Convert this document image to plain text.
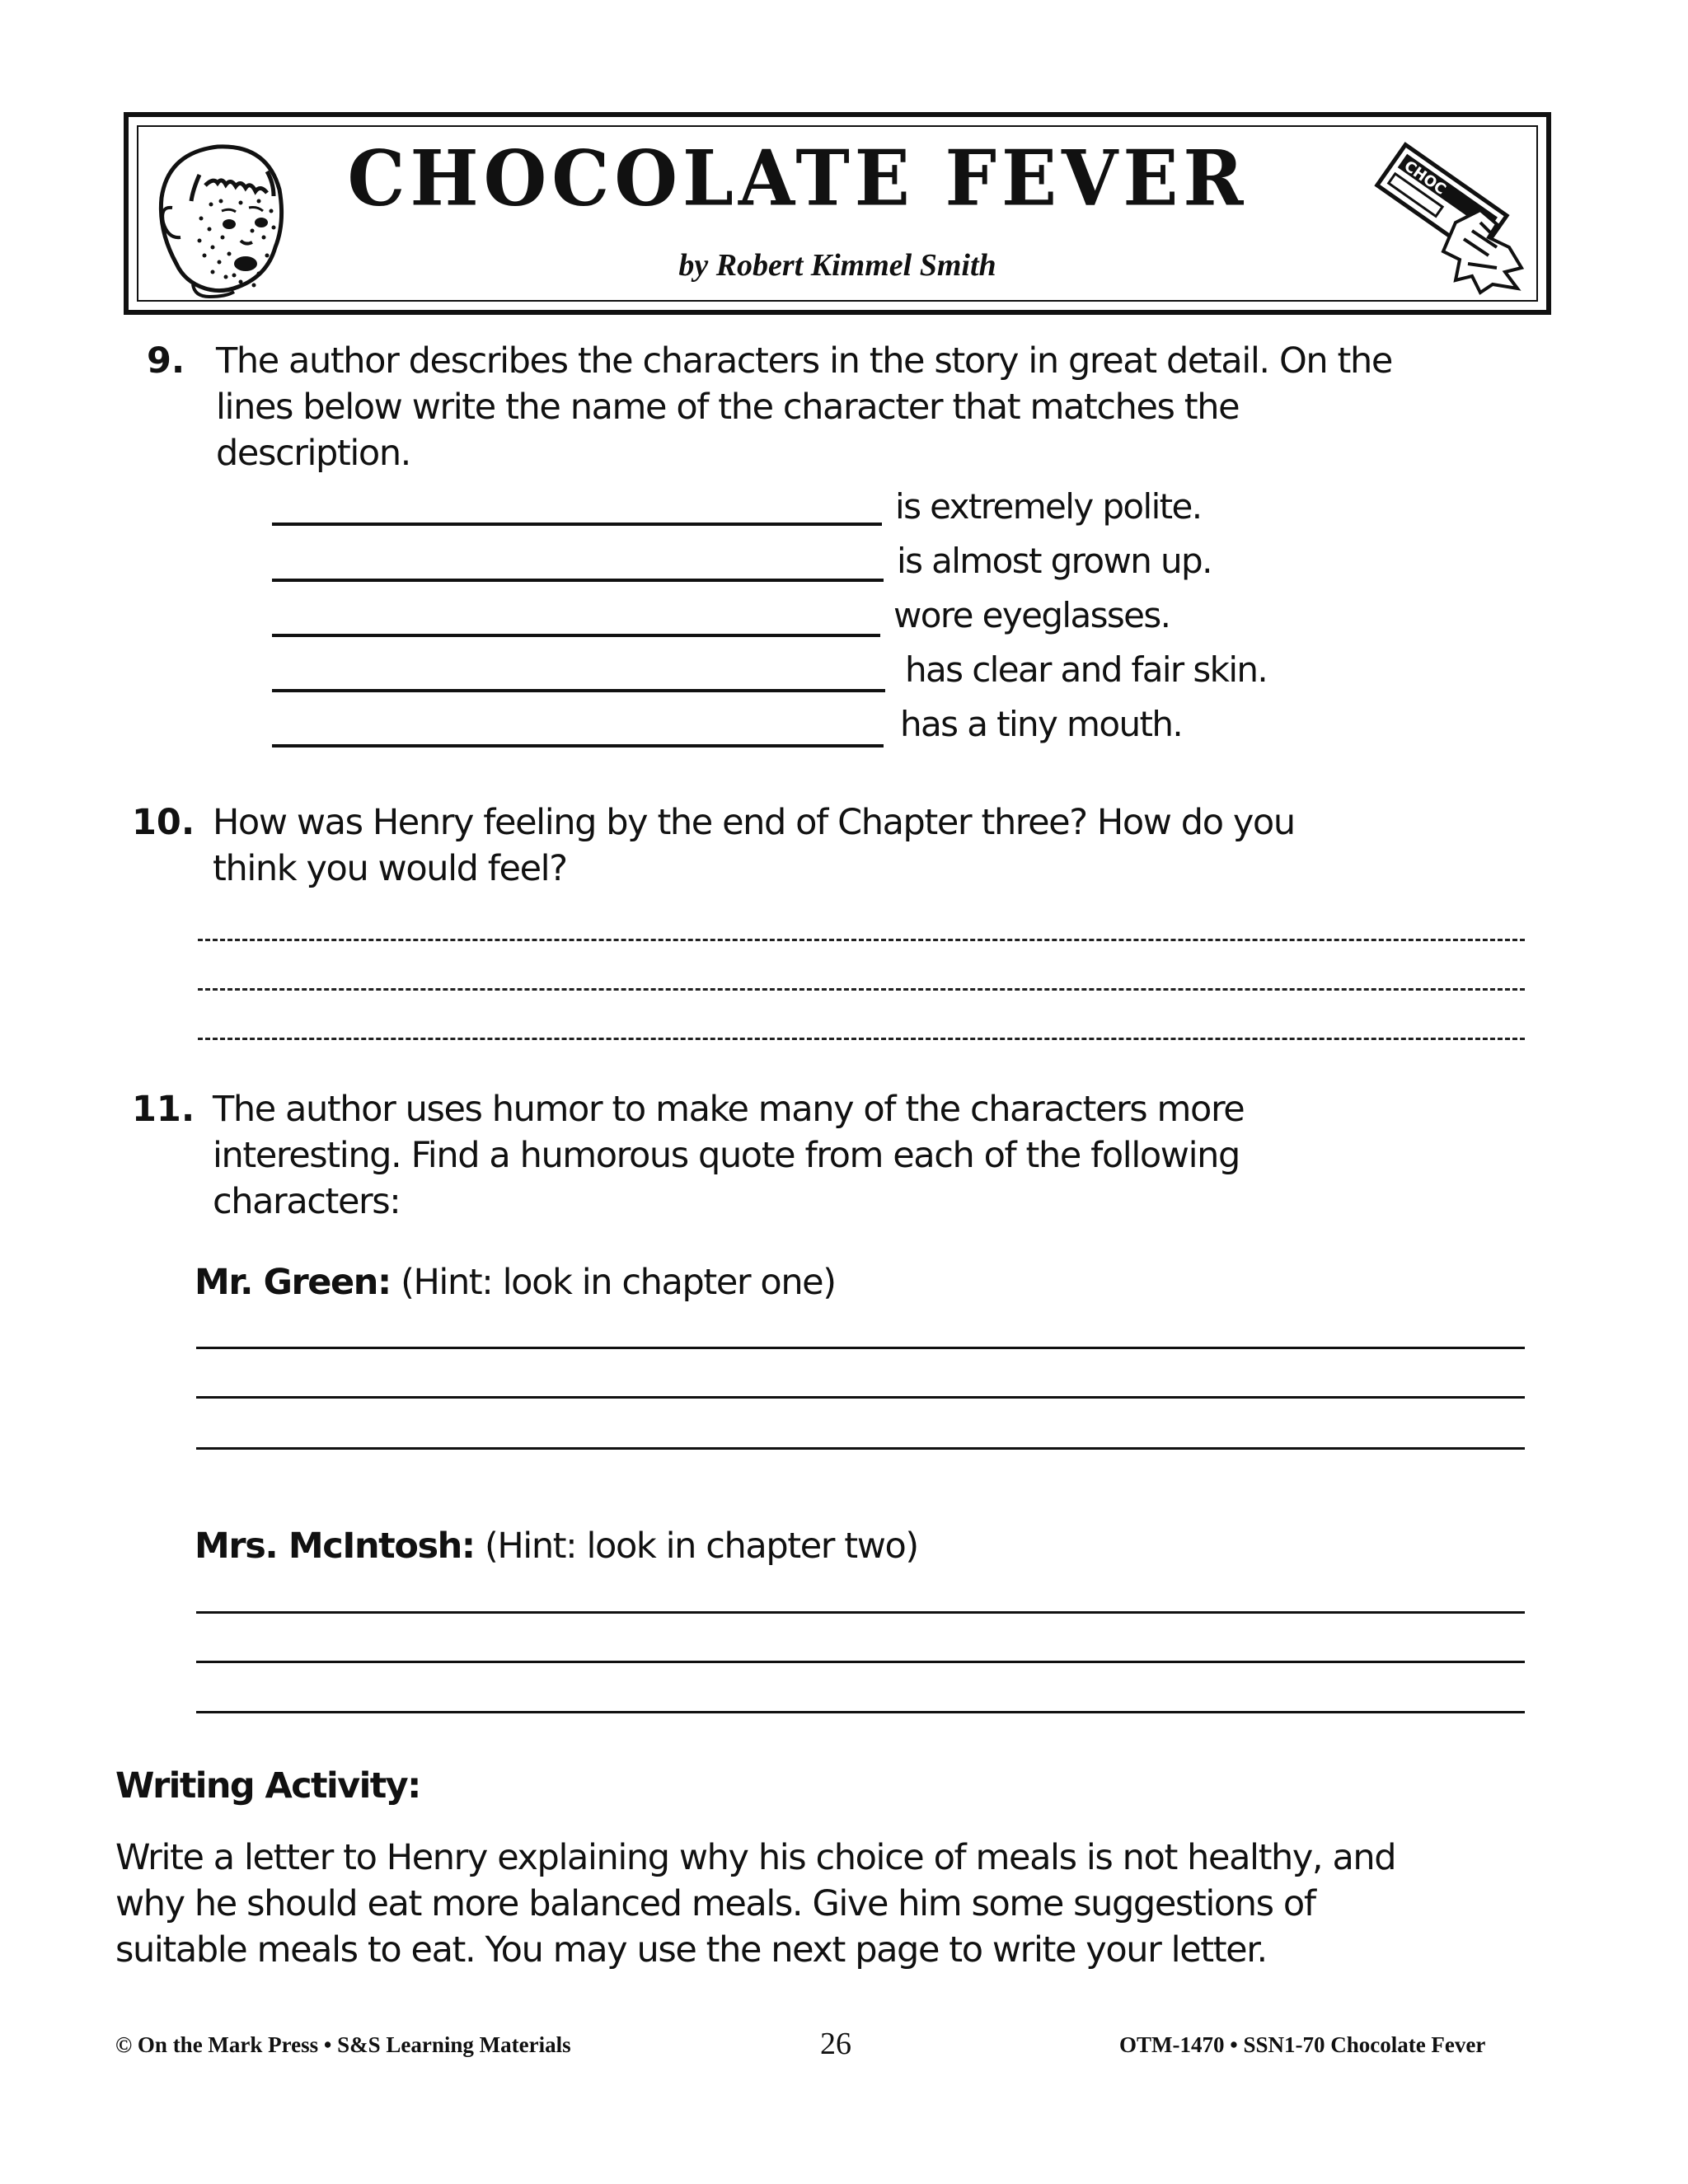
CHOCOLATE FEVER
by Robert Kimmel Smith
CHOC
9. The author describes the characters in the story in great detail. On the
lines below write the name of the character that matches the
description.
is extremely polite.
is almost grown up.
wore eyeglasses.
has clear and fair skin.
has a tiny mouth.
10. How was Henry feeling by the end of Chapter three? How do you
think you would feel?
11. The author uses humor to make many of the characters more
interesting. Find a humorous quote from each of the following
characters:
Mr. Green: (Hint: look in chapter one)
Mrs. McIntosh: (Hint: look in chapter two)
Writing Activity:
Write a letter to Henry explaining why his choice of meals is not healthy, and
why he should eat more balanced meals. Give him some suggestions of
suitable meals to eat. You may use the next page to write your letter.
© On the Mark Press • S&S Learning Materials	26	OTM-1470 • SSN1-70 Chocolate Fever
